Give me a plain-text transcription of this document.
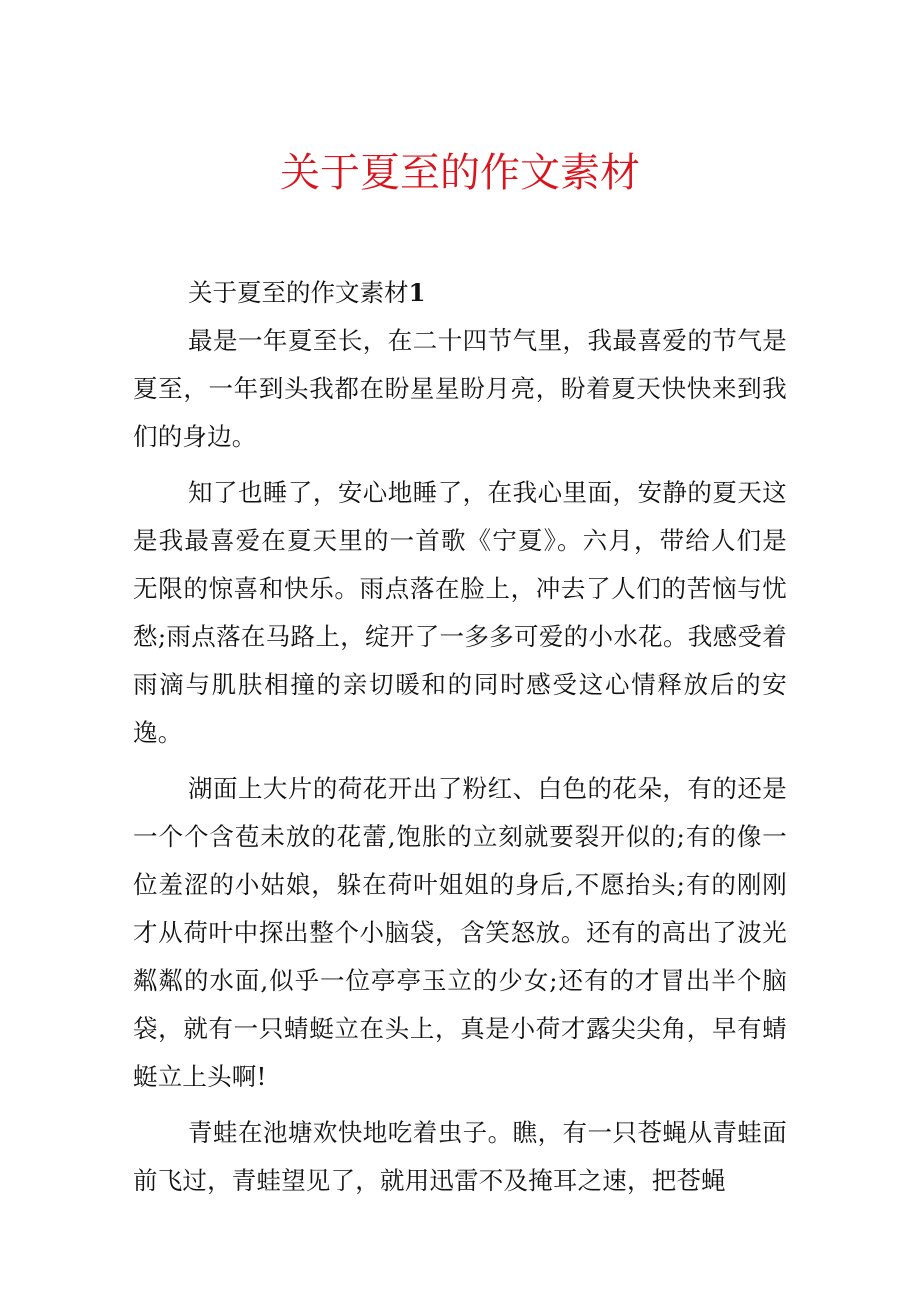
关于夏至的作文素材

关于夏至的作文素材1

最是一年夏至长，在二十四节气里，我最喜爱的节气是夏至，一年到头我都在盼星星盼月亮，盼着夏天快快来到我们的身边。

知了也睡了，安心地睡了，在我心里面，安静的夏天这是我最喜爱在夏天里的一首歌《宁夏》。六月，带给人们是无限的惊喜和快乐。雨点落在脸上，冲去了人们的苦恼与忧愁;雨点落在马路上，绽开了一多多可爱的小水花。我感受着雨滴与肌肤相撞的亲切暖和的同时感受这心情释放后的安逸。

湖面上大片的荷花开出了粉红、白色的花朵，有的还是一个个含苞未放的花蕾,饱胀的立刻就要裂开似的;有的像一位羞涩的小姑娘，躲在荷叶姐姐的身后,不愿抬头;有的刚刚才从荷叶中探出整个小脑袋，含笑怒放。还有的高出了波光粼粼的水面,似乎一位亭亭玉立的少女;还有的才冒出半个脑袋，就有一只蜻蜓立在头上，真是小荷才露尖尖角，早有蜻蜓立上头啊!

青蛙在池塘欢快地吃着虫子。瞧，有一只苍蝇从青蛙面前飞过，青蛙望见了，就用迅雷不及掩耳之速，把苍蝇
